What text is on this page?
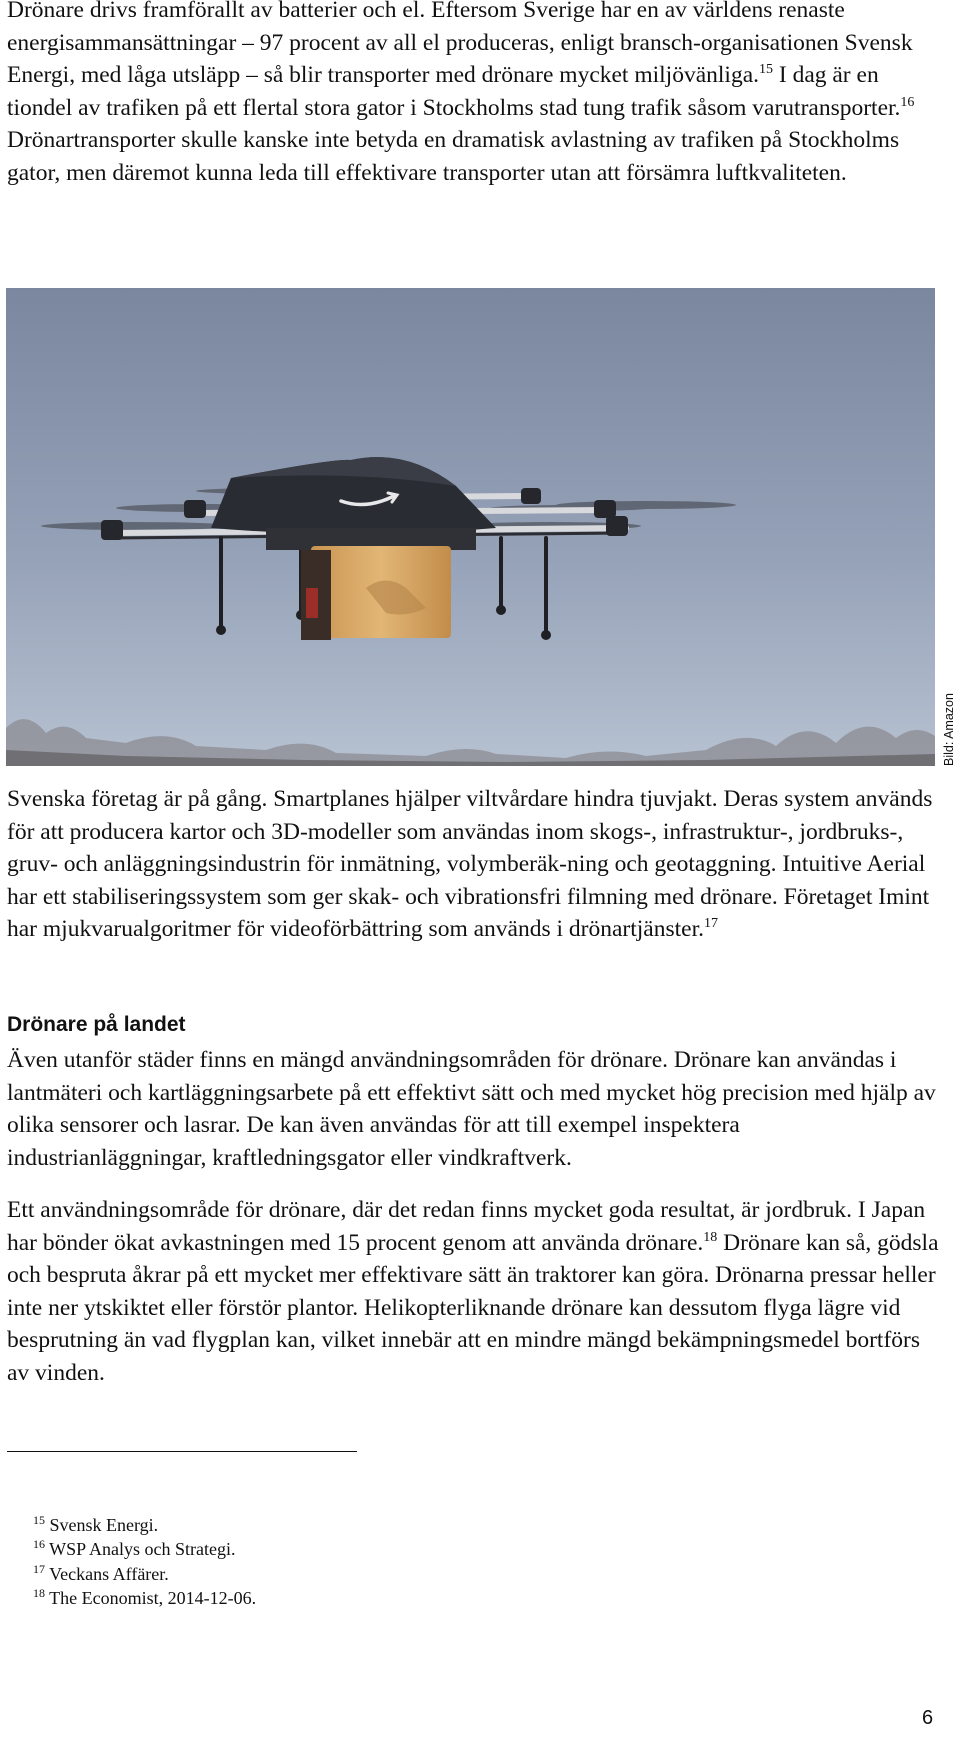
Drönare drivs framförallt av batterier och el. Eftersom Sverige har en av världens renaste energisammansättningar – 97 procent av all el produceras, enligt bransch-organisationen Svensk Energi, med låga utsläpp – så blir transporter med drönare mycket miljövänliga.$^{15}$ I dag är en tiondel av trafiken på ett flertal stora gator i Stockholms stad tung trafik såsom varutransporter.$^{16}$ Drönartransporter skulle kanske inte betyda en dramatisk avlastning av trafiken på Stockholms gator, men däremot kunna leda till effektivare transporter utan att försämra luftkvaliteten.

Bild: Amazon

Svenska företag är på gång. Smartplanes hjälper viltvårdare hindra tjuvjakt. Deras system används för att producera kartor och 3D-modeller som användas inom skogs-, infrastruktur-, jordbruks-, gruv- och anläggningsindustrin för inmätning, volymberäk-ning och geotaggning. Intuitive Aerial har ett stabiliseringssystem som ger skak- och vibrationsfri filmning med drönare. Företaget Imint har mjukvarualgoritmer för videoförbättring som används i drönartjänster.$^{17}$

Drönare på landet

Även utanför städer finns en mängd användningsområden för drönare. Drönare kan användas i lantmäteri och kartläggningsarbete på ett effektivt sätt och med mycket hög precision med hjälp av olika sensorer och lasrar. De kan även användas för att till exempel inspektera industrianläggningar, kraftledningsgator eller vindkraftverk.

Ett användningsområde för drönare, där det redan finns mycket goda resultat, är jordbruk. I Japan har bönder ökat avkastningen med 15 procent genom att använda drönare.$^{18}$ Drönare kan så, gödsla och bespruta åkrar på ett mycket mer effektivare sätt än traktorer kan göra. Drönarna pressar heller inte ner ytskiktet eller förstör plantor. Helikopterliknande drönare kan dessutom flyga lägre vid besprutning än vad flygplan kan, vilket innebär att en mindre mängd bekämpningsmedel bortförs av vinden.

$^{15}$ Svensk Energi.

$^{16}$ WSP Analys och Strategi.

$^{17}$ Veckans Affärer.

$^{18}$ The Economist, 2014-12-06.

6
